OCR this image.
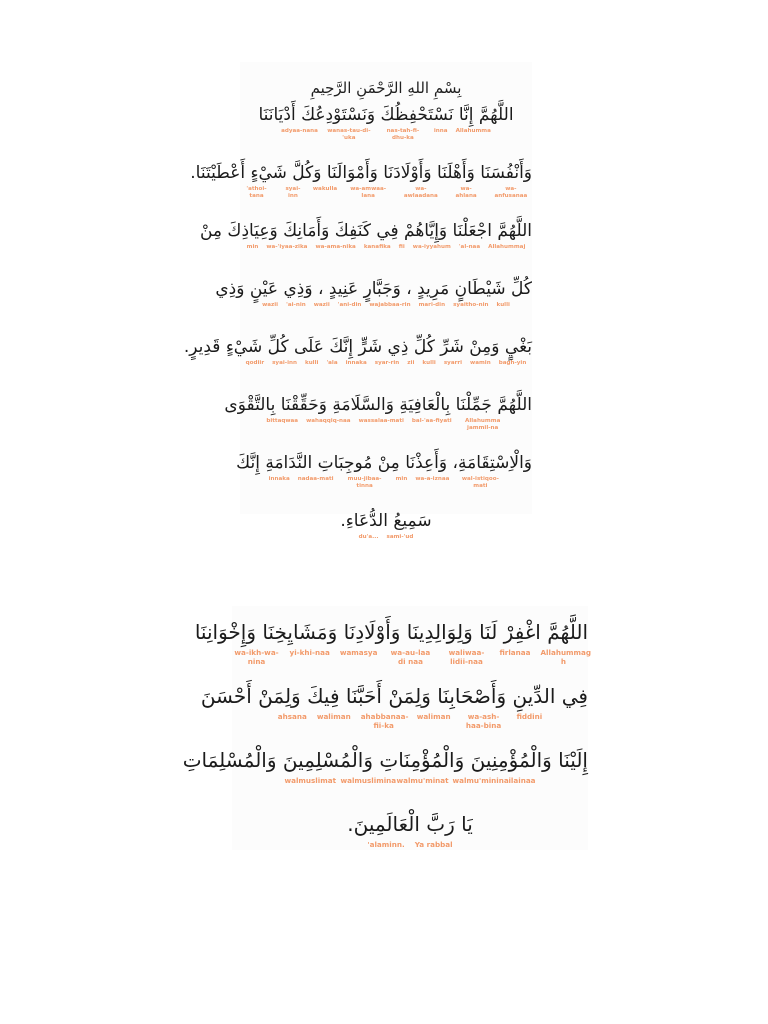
بِسْمِ اللهِ الرَّحْمَنِ الرَّحِيمِ
اللَّهُمَّ إِنَّا نَسْتَحْفِظُكَ وَنَسْتَوْدِعُكَ أَدْيَانَنَا
Allahumma
inna
nas-tah-fi-dhu-ka
wanas-tau-di-'uka
adyaa-nana
وَأَنْفُسَنَا وَأَهْلَنَا وَأَوْلَادَنَا وَأَمْوَالَنَا وَكُلَّ شَيْءٍ أَعْطَيْتَنَا.
wa-anfusanaa
wa-ahlana
wa-awlaadana
wa-amwaa-lana
wakulla
syai-inn
'athoi-tana
اللَّهُمَّ اجْعَلْنَا وَإِيَّاهُمْ فِي كَنَفِكَ وَأَمَانِكَ وَعِيَاذِكَ مِنْ
Allahummaj
'al-naa
wa-iyyahum
fii
kanafika
wa-ama-nika
wa-'iyaa-zika
min
كُلِّ شَيْطَانٍ مَرِيدٍ ، وَجَبَّارٍ عَنِيدٍ ، وَذِي عَيْنٍ وَذِي
kulli
syaitho-nin
mari-din
wajabbaa-rin
'ani-din
wazii
'ai-nin
wazii
بَغْيٍ وَمِنْ شَرِّ كُلِّ ذِي شَرٍّ إِنَّكَ عَلَى كُلِّ شَيْءٍ قَدِيرٍ.
bagh-yin
wamin
syarri
kulli
zii
syar-rin
innaka
'ala
kulli
syai-inn
qodiir
اللَّهُمَّ جَمِّلْنَا بِالْعَافِيَةِ وَالسَّلَامَةِ وَحَقِّقْنَا بِالتَّقْوَى
Allahumma jammil-na
bal-'aa-fiyati
wassalaa-mati
wahaqqiq-naa
bittaqwaa
وَالْاِسْتِقَامَةِ، وَأَعِذْنَا مِنْ مُوجِبَاتِ النَّدَامَةِ إِنَّكَ
wal-istiqoo-mati
wa-a-iznaa
min
muu-jibaa-tinna
nadaa-mati
innaka
سَمِيعُ الدُّعَاءِ.
sami-'ud
du'a...
اللَّهُمَّ اغْفِرْ لَنَا وَلِوَالِدِينَا وَأَوْلَادِنَا وَمَشَايِخِنَا وَإِخْوَانِنَا
Allahummag h
firlanaa
waliwaa-lidii-naa
wa-au-laa di naa
wamasya
yi-khi-naa
wa-ikh-wa-nina
فِي الدِّينِ وَأَصْحَابِنَا وَلِمَنْ أَحَبَّنَا فِيكَ وَلِمَنْ أَحْسَنَ
fiddini
wa-ash-haa-bina
waliman
ahabbanaa-fii-ka
waliman
ahsana
إِلَيْنَا وَالْمُؤْمِنِينَ وَالْمُؤْمِنَاتِ وَالْمُسْلِمِينَ وَالْمُسْلِمَاتِ
ilainaa
walmu'minina
walmu'minat
walmuslimina
walmuslimat
يَا رَبَّ الْعَالَمِينَ.
Ya rabbal
'alaminn.
